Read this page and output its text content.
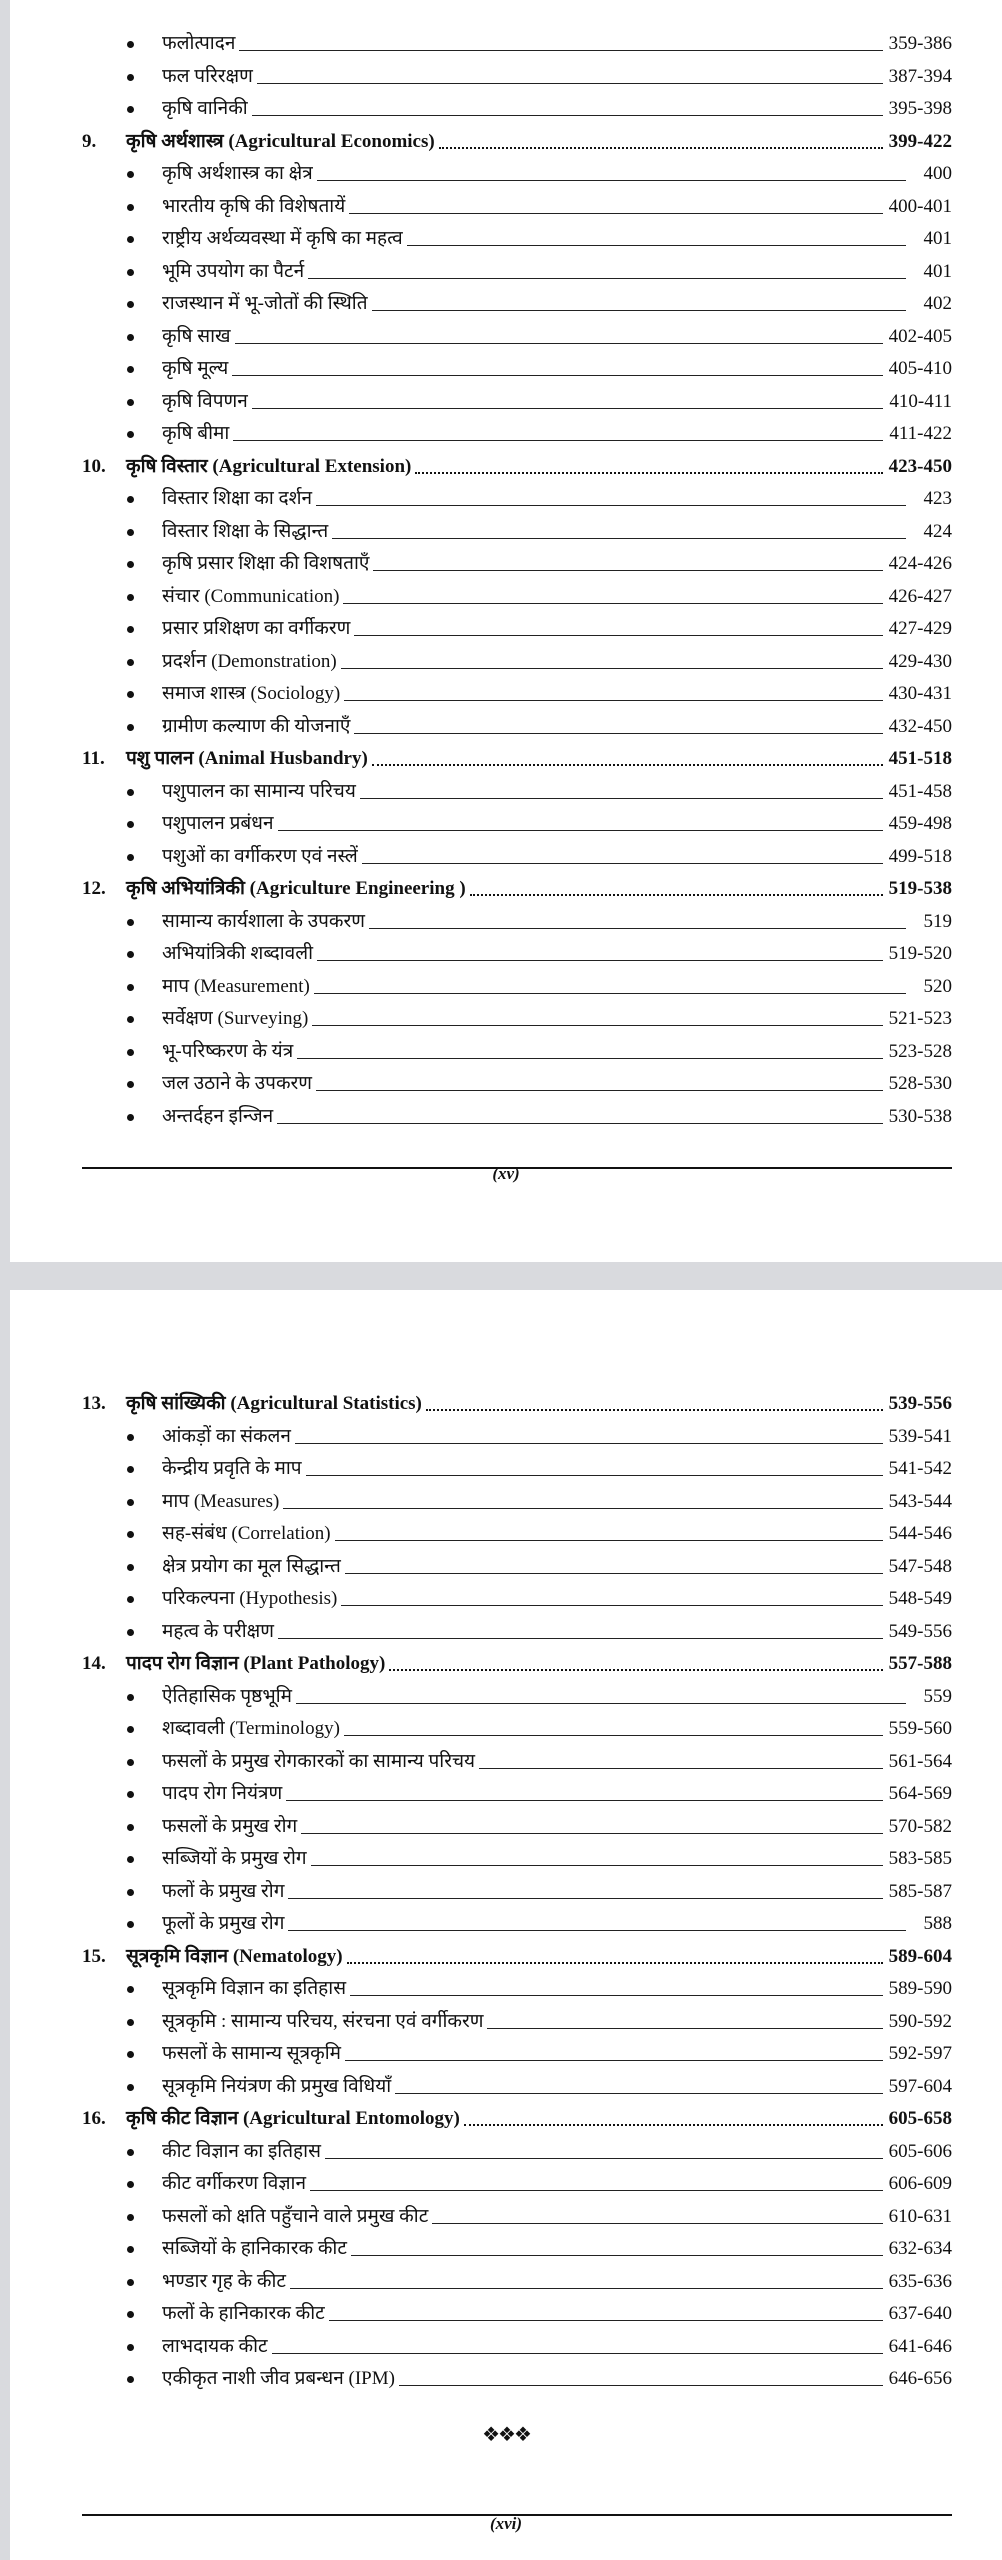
फलोत्पादन	359-386
फल परिरक्षण	387-394
कृषि वानिकी	395-398
9.	कृषि अर्थशास्त्र (Agricultural Economics)	399-422
कृषि अर्थशास्त्र का क्षेत्र	400
भारतीय कृषि की विशेषतायें	400-401
राष्ट्रीय अर्थव्यवस्था में कृषि का महत्व	401
भूमि उपयोग का पैटर्न	401
राजस्थान में भू-जोतों की स्थिति	402
कृषि साख	402-405
कृषि मूल्य	405-410
कृषि विपणन	410-411
कृषि बीमा	411-422
10.	कृषि विस्तार (Agricultural Extension)	423-450
विस्तार शिक्षा का दर्शन	423
विस्तार शिक्षा के सिद्धान्त	424
कृषि प्रसार शिक्षा की विशषताएँ	424-426
संचार (Communication)	426-427
प्रसार प्रशिक्षण का वर्गीकरण	427-429
प्रदर्शन (Demonstration)	429-430
समाज शास्त्र (Sociology)	430-431
ग्रामीण कल्याण की योजनाएँ	432-450
11.	पशु पालन (Animal Husbandry)	451-518
पशुपालन का सामान्य परिचय	451-458
पशुपालन प्रबंधन	459-498
पशुओं का वर्गीकरण एवं नस्लें	499-518
12.	कृषि अभियांत्रिकी (Agriculture Engineering )	519-538
सामान्य कार्यशाला के उपकरण	519
अभियांत्रिकी शब्दावली	519-520
माप (Measurement)	520
सर्वेक्षण (Surveying)	521-523
भू-परिष्करण के यंत्र	523-528
जल उठाने के उपकरण	528-530
अन्तर्दहन इन्जिन	530-538
(xv)
13.	कृषि सांख्यिकी (Agricultural Statistics)	539-556
आंकड़ों का संकलन	539-541
केन्द्रीय प्रवृति के माप	541-542
माप (Measures)	543-544
सह-संबंध (Correlation)	544-546
क्षेत्र प्रयोग का मूल सिद्धान्त	547-548
परिकल्पना (Hypothesis)	548-549
महत्व के परीक्षण	549-556
14.	पादप रोग विज्ञान (Plant Pathology)	557-588
ऐतिहासिक पृष्ठभूमि	559
शब्दावली (Terminology)	559-560
फसलों के प्रमुख रोगकारकों का सामान्य परिचय	561-564
पादप रोग नियंत्रण	564-569
फसलों के प्रमुख रोग	570-582
सब्जियों के प्रमुख रोग	583-585
फलों के प्रमुख रोग	585-587
फूलों के प्रमुख रोग	588
15.	सूत्रकृमि विज्ञान (Nematology)	589-604
सूत्रकृमि विज्ञान का इतिहास	589-590
सूत्रकृमि : सामान्य परिचय, संरचना एवं वर्गीकरण	590-592
फसलों के सामान्य सूत्रकृमि	592-597
सूत्रकृमि नियंत्रण की प्रमुख विधियाँ	597-604
16.	कृषि कीट विज्ञान (Agricultural Entomology)	605-658
कीट विज्ञान का इतिहास	605-606
कीट वर्गीकरण विज्ञान	606-609
फसलों को क्षति पहुँचाने वाले प्रमुख कीट	610-631
सब्जियों के हानिकारक कीट	632-634
भण्डार गृह के कीट	635-636
फलों के हानिकारक कीट	637-640
लाभदायक कीट	641-646
एकीकृत नाशी जीव प्रबन्धन (IPM)	646-656
❖❖❖
(xvi)
